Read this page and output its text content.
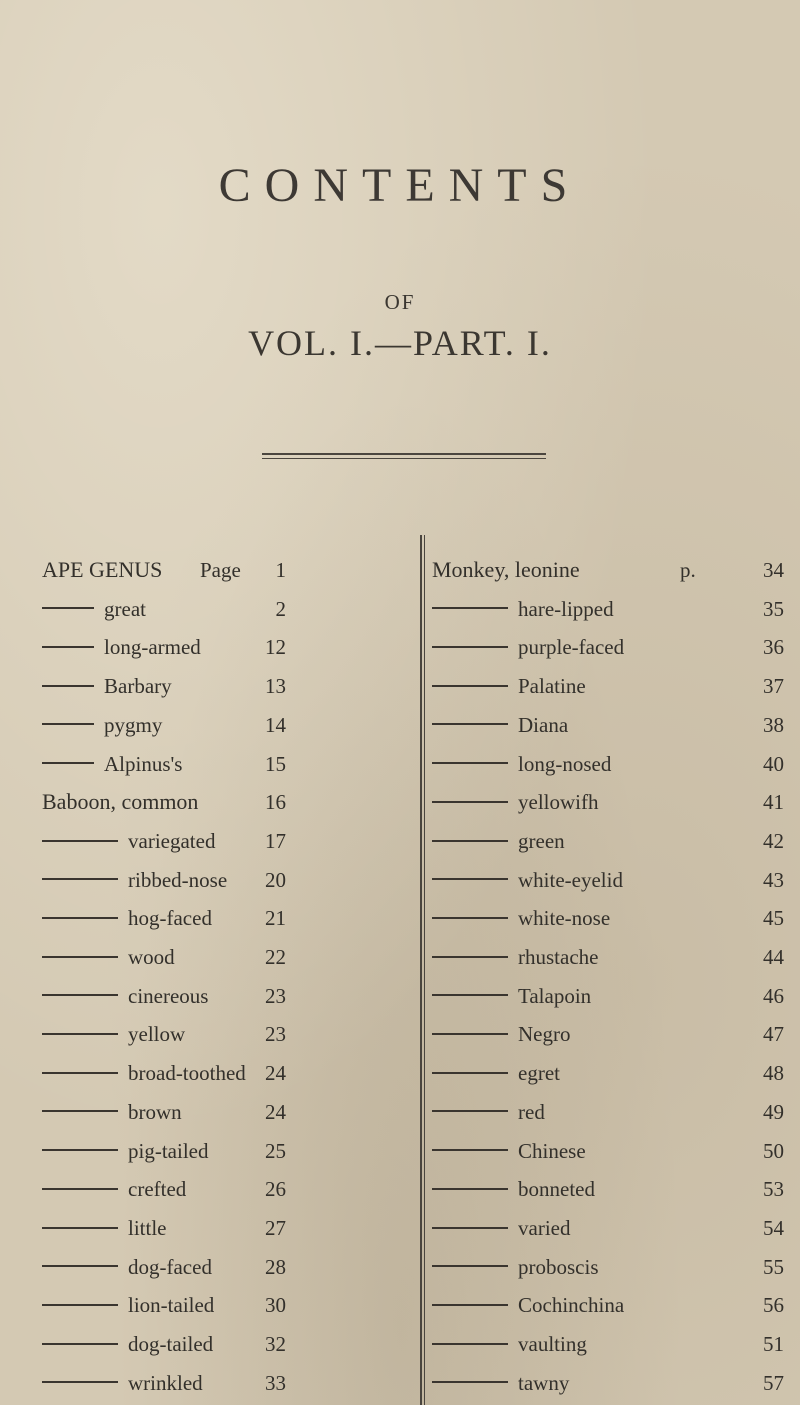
CONTENTS
OF
VOL. I.—PART. I.
APE GENUS
great
long-armed
Barbary
pygmy
Alpinus's
Baboon, common
variegated
ribbed-nose
hog-faced
wood
cinereous
yellow
broad-toothed
brown
pig-tailed
crefted
little
dog-faced
lion-tailed
dog-tailed
wrinkled
1
2
12
13
14
15
16
17
20
21
22
23
23
24
24
25
26
27
28
30
32
33
Monkey, leonine
hare-lipped
purple-faced
Palatine
Diana
long-nosed
yellowifh
green
white-eyelid
white-nose
rhustache
Talapoin
Negro
egret
red
Chinese
bonneted
varied
proboscis
Cochinchina
vaulting
tawny
34
35
36
37
38
40
41
42
43
45
44
46
47
48
49
50
53
54
55
56
51
57
Page	p.
